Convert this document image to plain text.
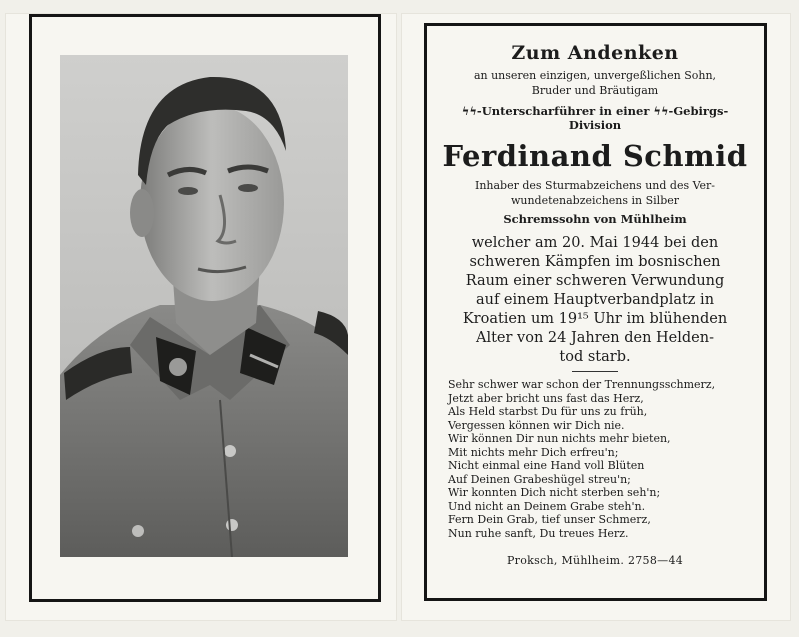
Zum Andenken
an unseren einzigen, unvergeßlichen Sohn,
Bruder und Bräutigam
ϟϟ-Unterscharführer in einer ϟϟ-Gebirgs-
Division
Ferdinand Schmid
Inhaber des Sturmabzeichens und des Ver-
wundetenabzeichens in Silber
Schremssohn von Mühlheim
welcher am 20. Mai 1944 bei den
schweren Kämpfen im bosnischen
Raum einer schweren Verwundung
auf einem Hauptverbandplatz in
Kroatien um 19¹⁵ Uhr im blühenden
Alter von 24 Jahren den Helden-
tod starb.
Sehr schwer war schon der Trennungsschmerz,
Jetzt aber bricht uns fast das Herz,
Als Held starbst Du für uns zu früh,
Vergessen können wir Dich nie.
Wir können Dir nun nichts mehr bieten,
Mit nichts mehr Dich erfreu'n;
Nicht einmal eine Hand voll Blüten
Auf Deinen Grabeshügel streu'n;
Wir konnten Dich nicht sterben seh'n;
Und nicht an Deinem Grabe steh'n.
Fern Dein Grab, tief unser Schmerz,
Nun ruhe sanft, Du treues Herz.
Proksch, Mühlheim. 2758—44
